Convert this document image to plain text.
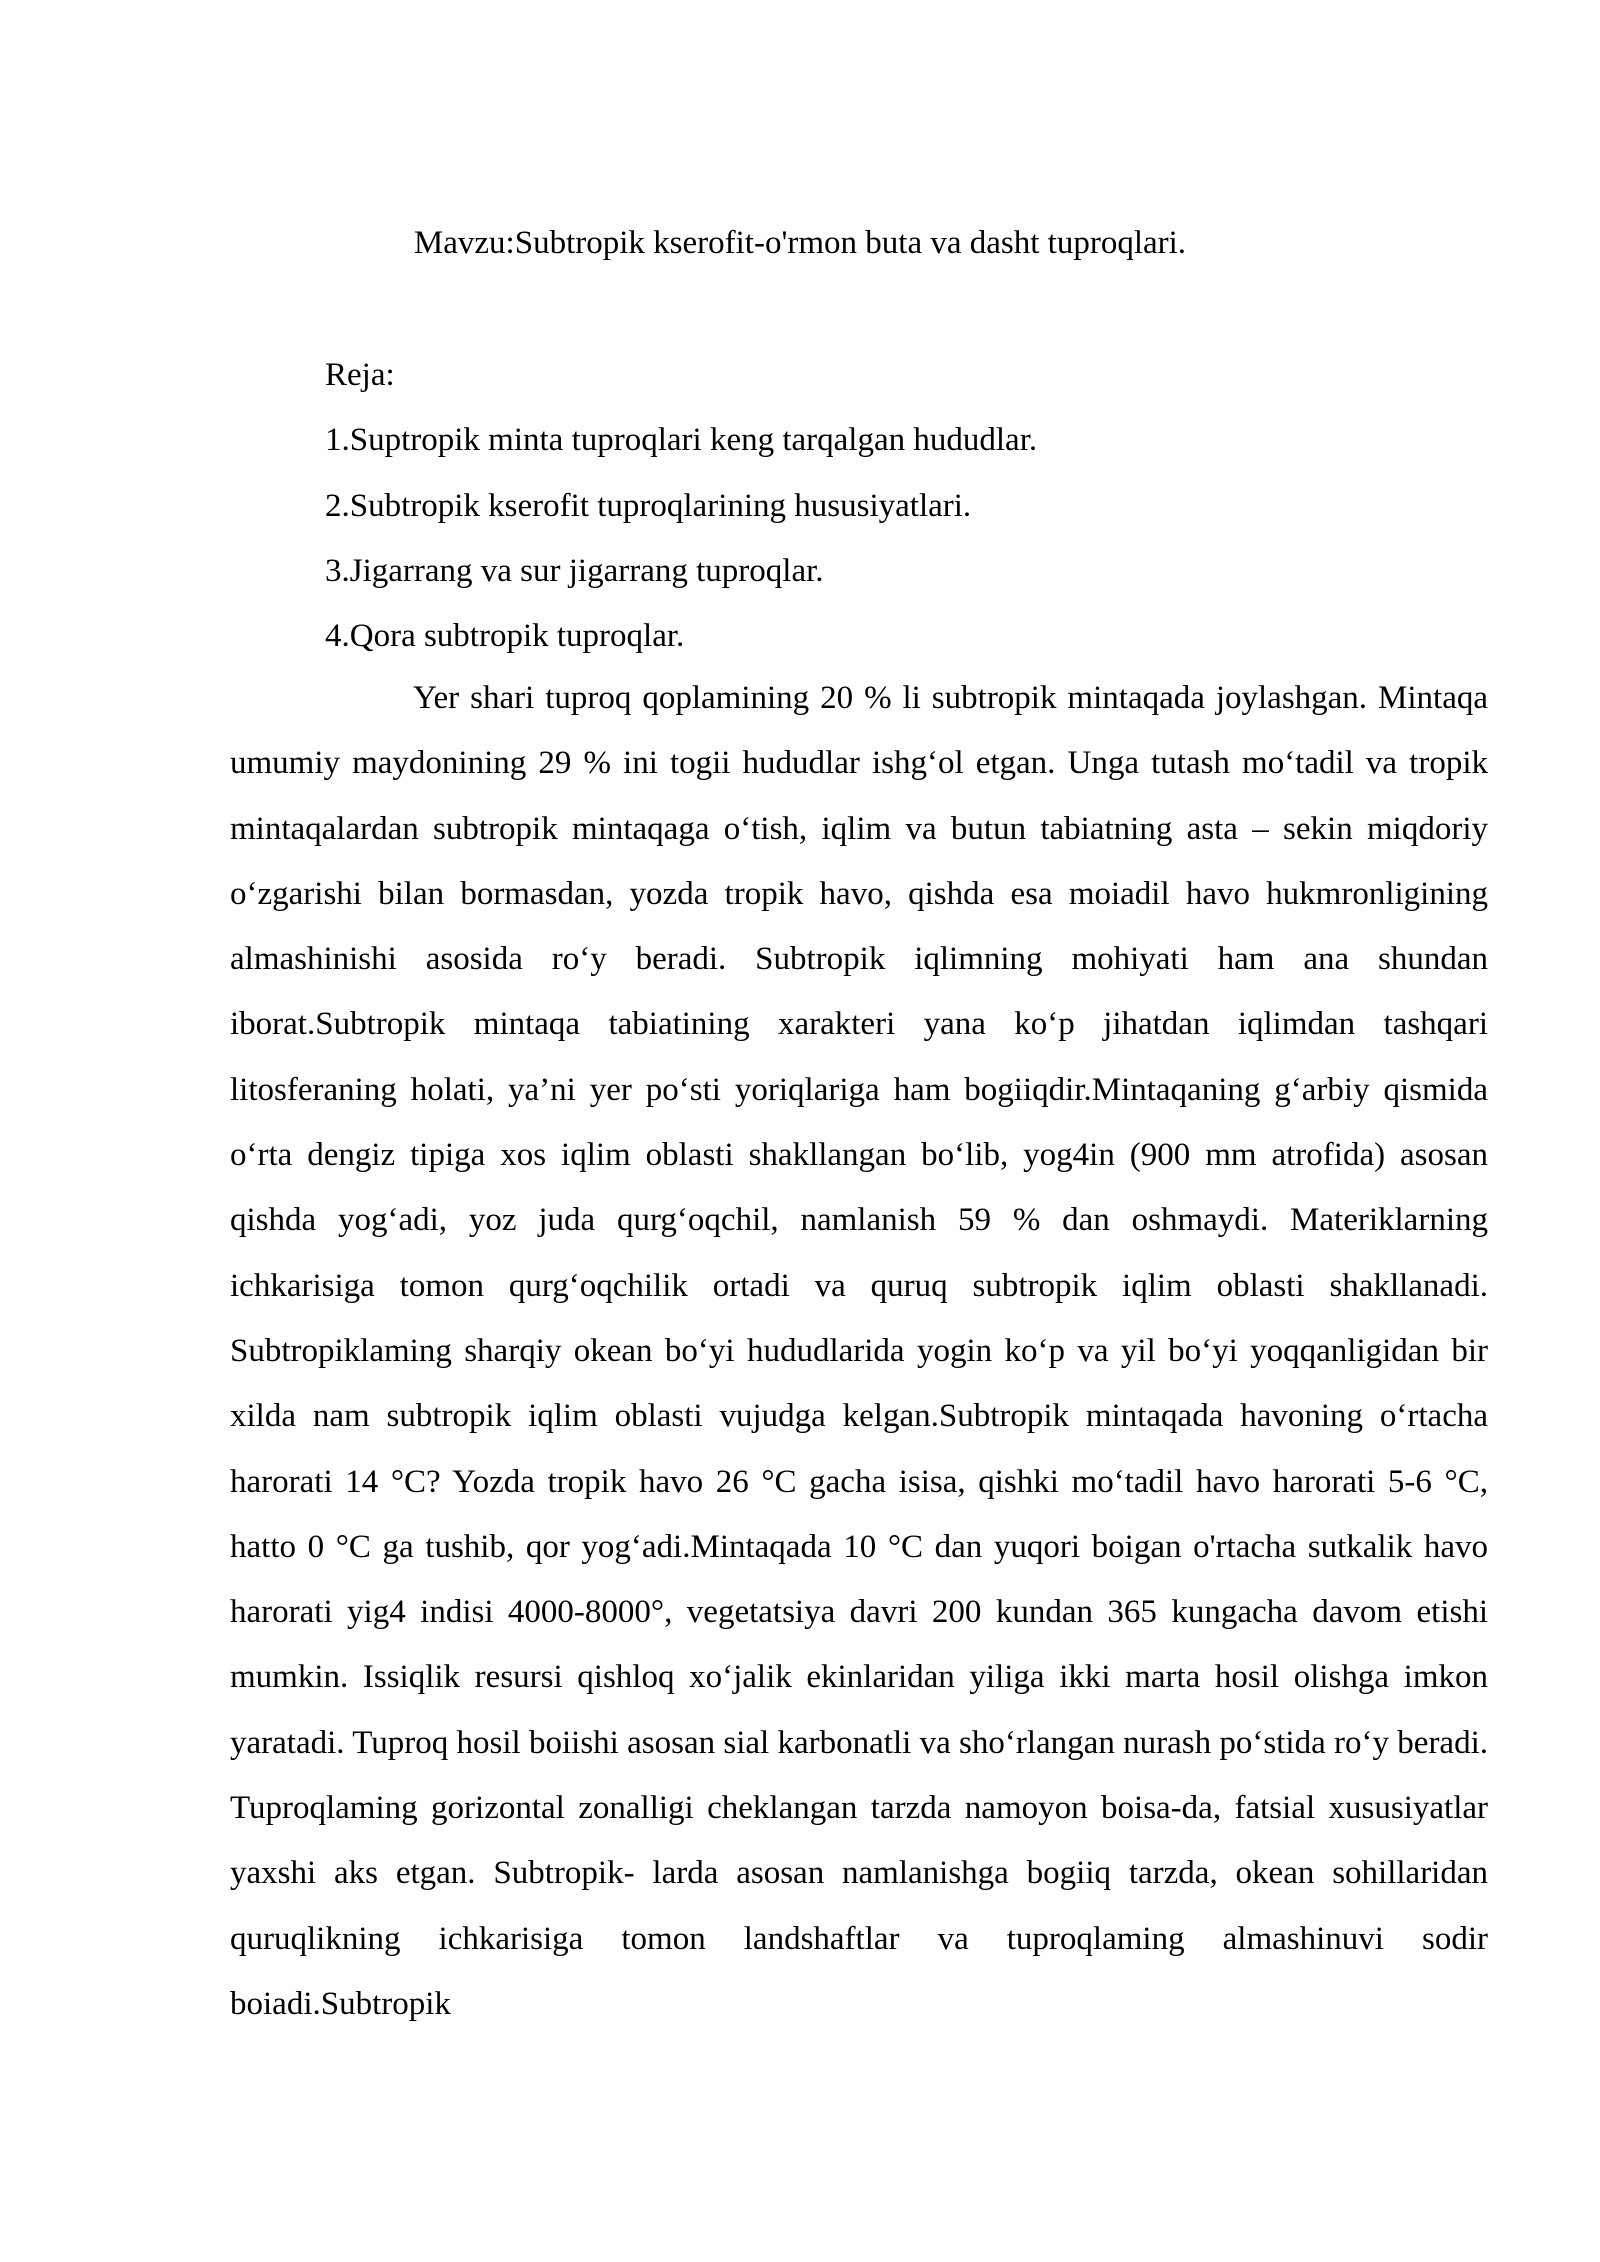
Mavzu:Subtropik kserofit-o'rmon buta va dasht tuproqlari.
Reja:
1.Suptropik minta tuproqlari keng tarqalgan hududlar.
2.Subtropik kserofit tuproqlarining hususiyatlari.
3.Jigarrang va sur jigarrang tuproqlar.
4.Qora subtropik tuproqlar.

Yer shari tuproq qoplamining 20 % li subtropik mintaqada joylashgan. Mintaqa umumiy maydonining 29 % ini togii hududlar ishg‘ol etgan. Unga tutash mo‘tadil va tropik mintaqalardan subtropik mintaqaga o‘tish, iqlim va butun tabiatning asta – sekin miqdoriy o‘zgarishi bilan bormasdan, yozda tropik havo, qishda esa moiadil havo hukmronligining almashinishi asosida ro‘y beradi. Subtropik iqlimning mohiyati ham ana shundan iborat.Subtropik mintaqa tabiatining xarakteri yana ko‘p jihatdan iqlimdan tashqari litosferaning holati, ya’ni yer po‘sti yoriqlariga ham bogiiqdir.Mintaqaning g‘arbiy qismida o‘rta dengiz tipiga xos iqlim oblasti shakllangan bo‘lib, yog4in (900 mm atrofida) asosan qishda yog‘adi, yoz juda qurg‘oqchil, namlanish 59 % dan oshmaydi. Materiklarning ichkarisiga tomon qurg‘oqchilik ortadi va quruq subtropik iqlim oblasti shakllanadi. Subtropiklaming sharqiy okean bo‘yi hududlarida yogin ko‘p va yil bo‘yi yoqqanligidan bir xilda nam subtropik iqlim oblasti vujudga kelgan.Subtropik mintaqada havoning o‘rtacha harorati 14 °C? Yozda tropik havo 26 °C gacha isisa, qishki mo‘tadil havo harorati 5-6 °C, hatto 0 °C ga tushib, qor yog‘adi.Mintaqada 10 °C dan yuqori boigan o'rtacha sutkalik havo harorati yig4 indisi 4000-8000°, vegetatsiya davri 200 kundan 365 kungacha davom etishi mumkin. Issiqlik resursi qishloq xo‘jalik ekinlaridan yiliga ikki marta hosil olishga imkon yaratadi. Tuproq hosil boiishi asosan sial karbonatli va sho‘rlangan nurash po‘stida ro‘y beradi. Tuproqlaming gorizontal zonalligi cheklangan tarzda namoyon boisa-da, fatsial xususiyatlar yaxshi aks etgan. Subtropik- larda asosan namlanishga bogiiq tarzda, okean sohillaridan quruqlikning ichkarisiga tomon landshaftlar va tuproqlaming almashinuvi sodir boiadi.Subtropik
